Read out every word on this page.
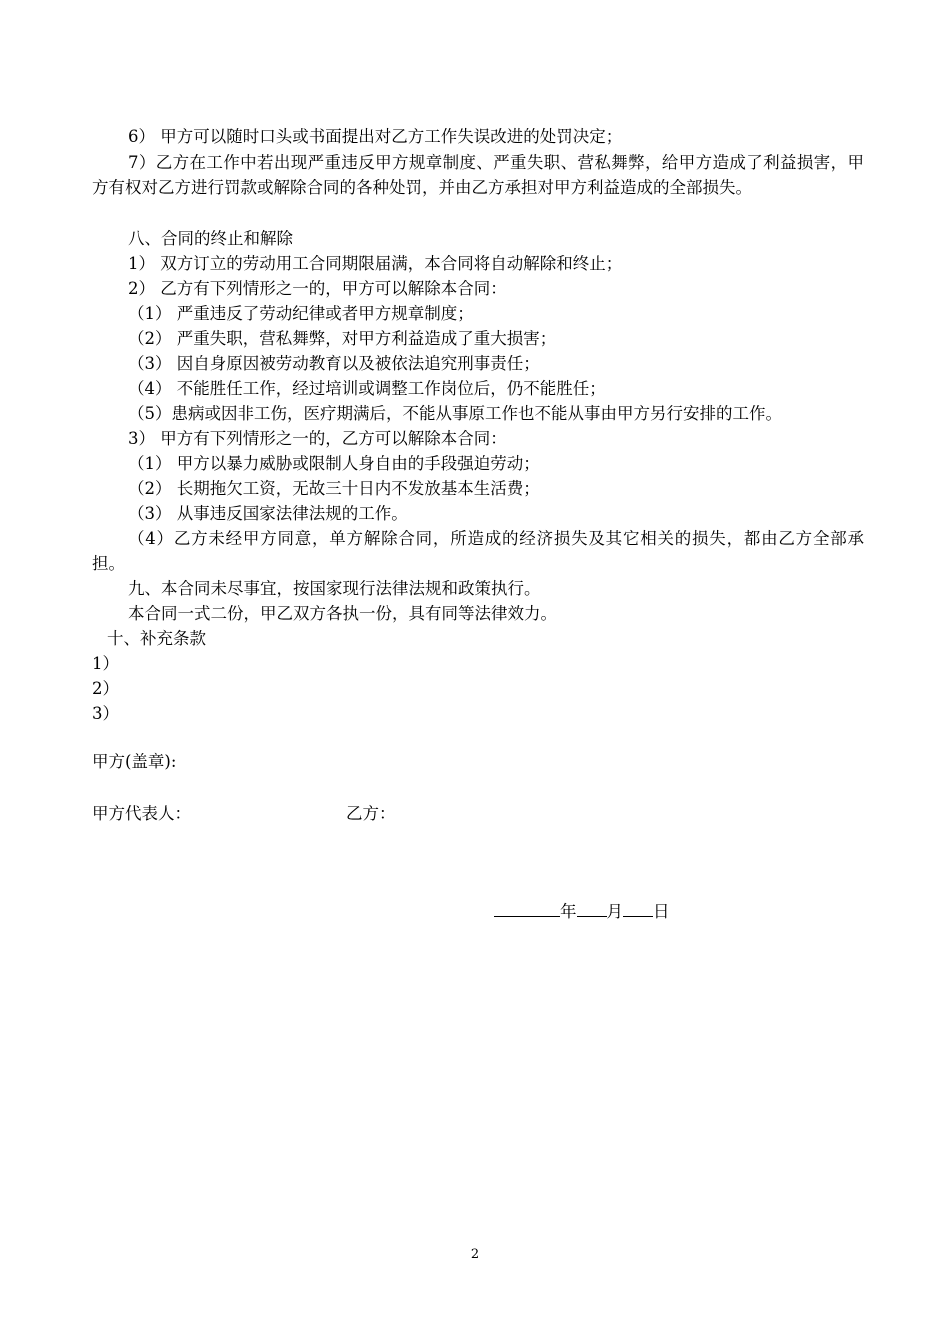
6） 甲方可以随时口头或书面提出对乙方工作失误改进的处罚决定；
7）乙方在工作中若出现严重违反甲方规章制度、严重失职、营私舞弊，给甲方造成了利益损害，甲方有权对乙方进行罚款或解除合同的各种处罚，并由乙方承担对甲方利益造成的全部损失。
八、合同的终止和解除
1） 双方订立的劳动用工合同期限届满，本合同将自动解除和终止；
2） 乙方有下列情形之一的，甲方可以解除本合同：
（1） 严重违反了劳动纪律或者甲方规章制度；
（2） 严重失职，营私舞弊，对甲方利益造成了重大损害；
（3） 因自身原因被劳动教育以及被依法追究刑事责任；
（4） 不能胜任工作，经过培训或调整工作岗位后，仍不能胜任；
（5）患病或因非工伤，医疗期满后，不能从事原工作也不能从事由甲方另行安排的工作。
3） 甲方有下列情形之一的，乙方可以解除本合同：
（1） 甲方以暴力威胁或限制人身自由的手段强迫劳动；
（2） 长期拖欠工资，无故三十日内不发放基本生活费；
（3） 从事违反国家法律法规的工作。
（4）乙方未经甲方同意，单方解除合同，所造成的经济损失及其它相关的损失，都由乙方全部承担。
九、本合同未尽事宜，按国家现行法律法规和政策执行。
本合同一式二份，甲乙双方各执一份，具有同等法律效力。
十、补充条款
1）
2）
3）
甲方(盖章):
甲方代表人：	乙方：
年 月 日
2
